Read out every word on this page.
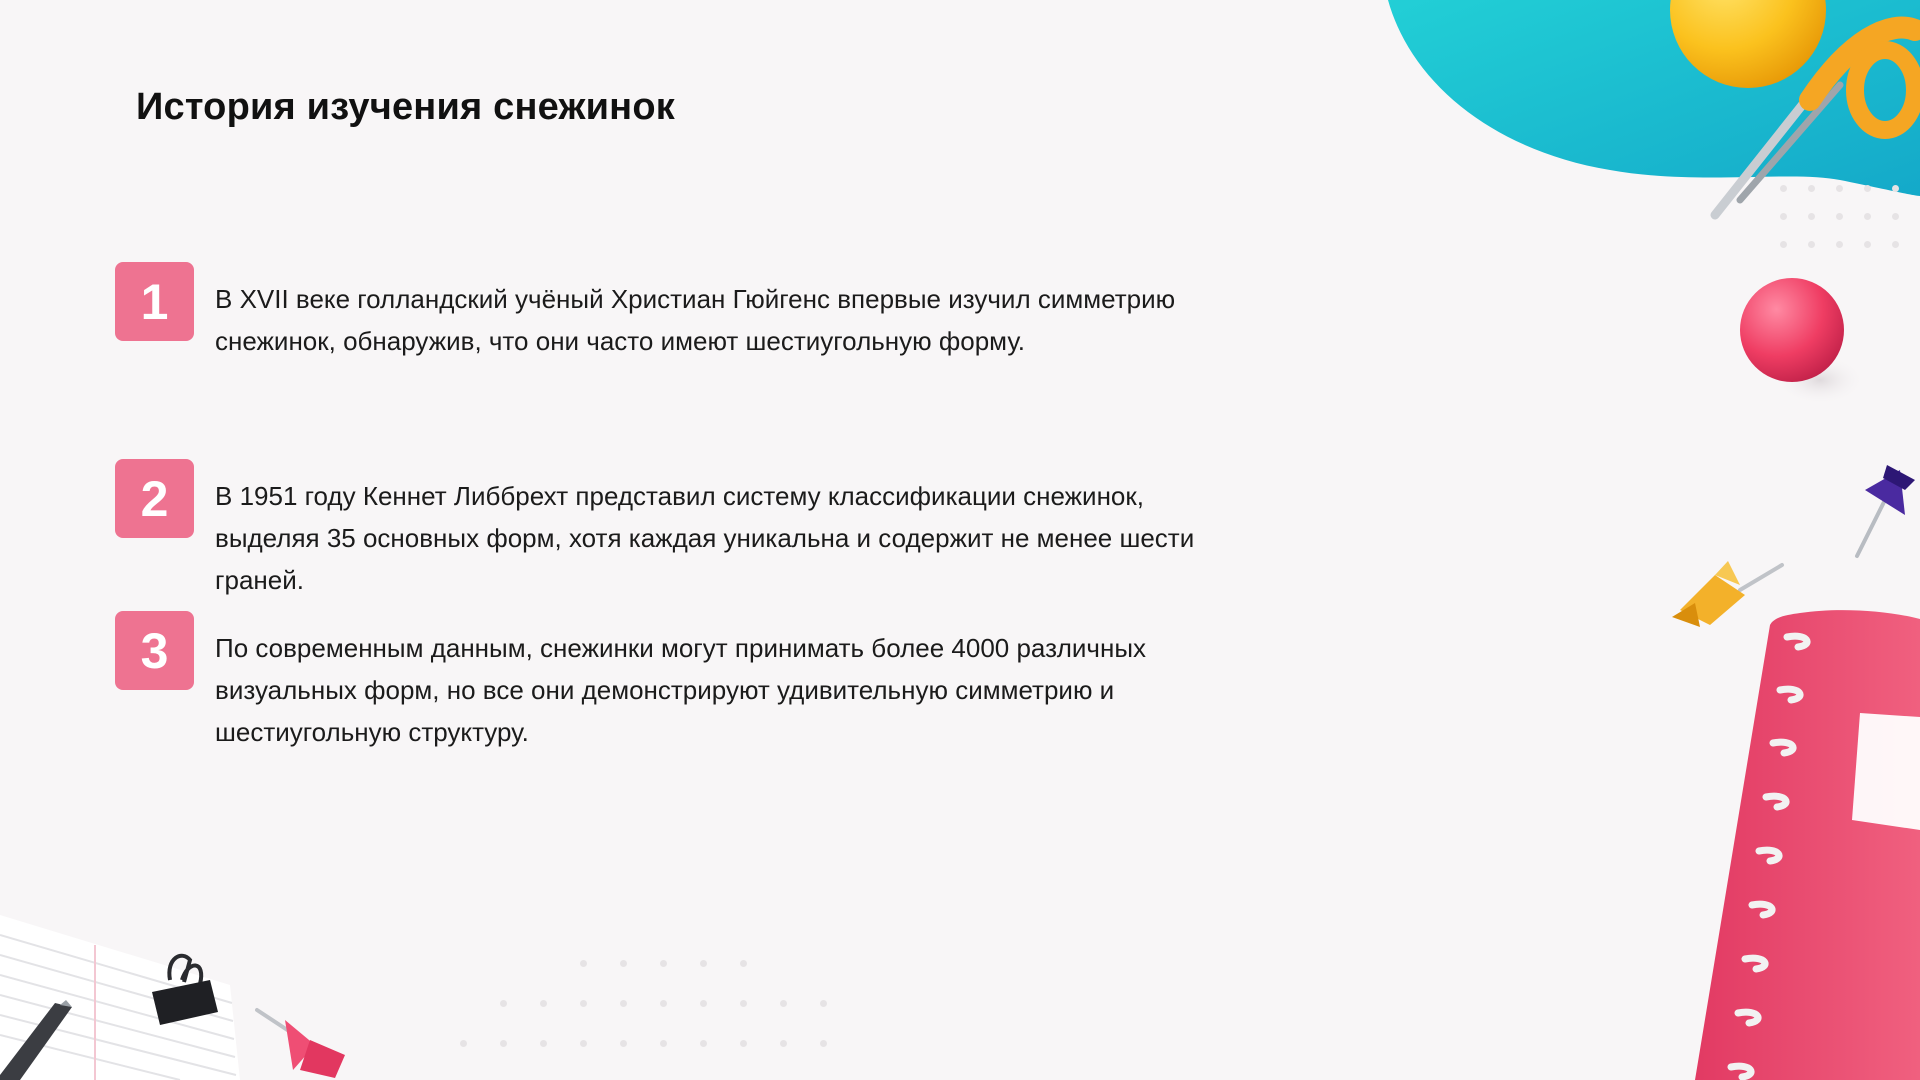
История изучения снежинок
1	В XVII веке голландский учёный Христиан Гюйгенс впервые изучил симметрию снежинок, обнаружив, что они часто имеют шестиугольную форму.
2	В 1951 году Кеннет Либбрехт представил систему классификации снежинок, выделяя 35 основных форм, хотя каждая уникальна и содержит не менее шести граней.
3	По современным данным, снежинки могут принимать более 4000 различных визуальных форм, но все они демонстрируют удивительную симметрию и шестиугольную структуру.
